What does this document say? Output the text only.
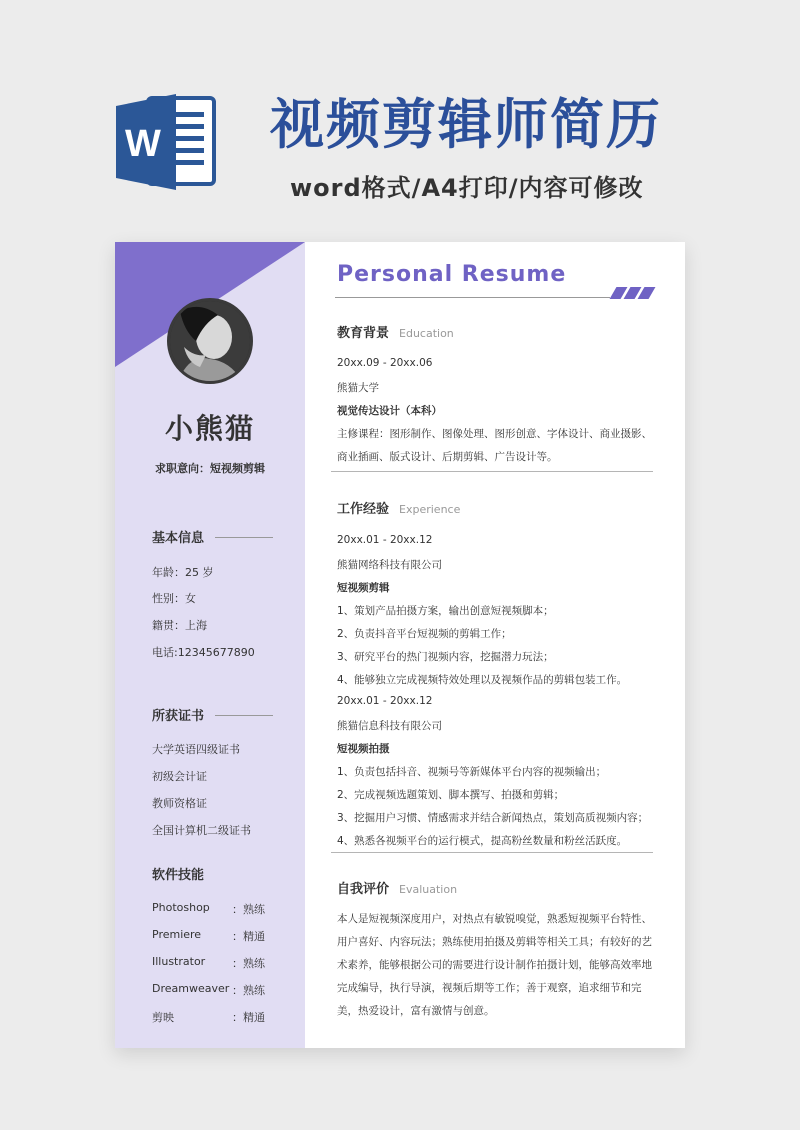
W 视频剪辑师简历
word格式/A4打印/内容可修改
小熊猫
求职意向：短视频剪辑
基本信息
年龄：25 岁
性别：女
籍贯：上海
电话:12345677890
所获证书
大学英语四级证书
初级会计证
教师资格证
全国计算机二级证书
软件技能
Photoshop ：熟练
Premiere	：精通
Illustrator ：熟练
Dreamweaver ：熟练
剪映	：精通
Personal Resume
教育背景 Education
20xx.09 - 20xx.06
熊猫大学
视觉传达设计（本科）
主修课程：图形制作、图像处理、图形创意、字体设计、商业摄影、
商业插画、版式设计、后期剪辑、广告设计等。
工作经验 Experience
20xx.01 - 20xx.12
熊猫网络科技有限公司
短视频剪辑
1、策划产品拍摄方案，输出创意短视频脚本；
2、负责抖音平台短视频的剪辑工作；
3、研究平台的热门视频内容，挖掘潜力玩法；
4、能够独立完成视频特效处理以及视频作品的剪辑包装工作。
20xx.01 - 20xx.12
熊猫信息科技有限公司
短视频拍摄
1、负责包括抖音、视频号等新媒体平台内容的视频输出；
2、完成视频选题策划、脚本撰写、拍摄和剪辑；
3、挖掘用户习惯、情感需求并结合新闻热点，策划高质视频内容；
4、熟悉各视频平台的运行模式，提高粉丝数量和粉丝活跃度。
自我评价 Evaluation
本人是短视频深度用户，对热点有敏锐嗅觉，熟悉短视频平台特性、用户喜好、内容玩法；熟练使用拍摄及剪辑等相关工具；有较好的艺术素养，能够根据公司的需要进行设计制作拍摄计划，能够高效率地完成编导，执行导演，视频后期等工作；善于观察，追求细节和完美，热爱设计，富有激情与创意。
